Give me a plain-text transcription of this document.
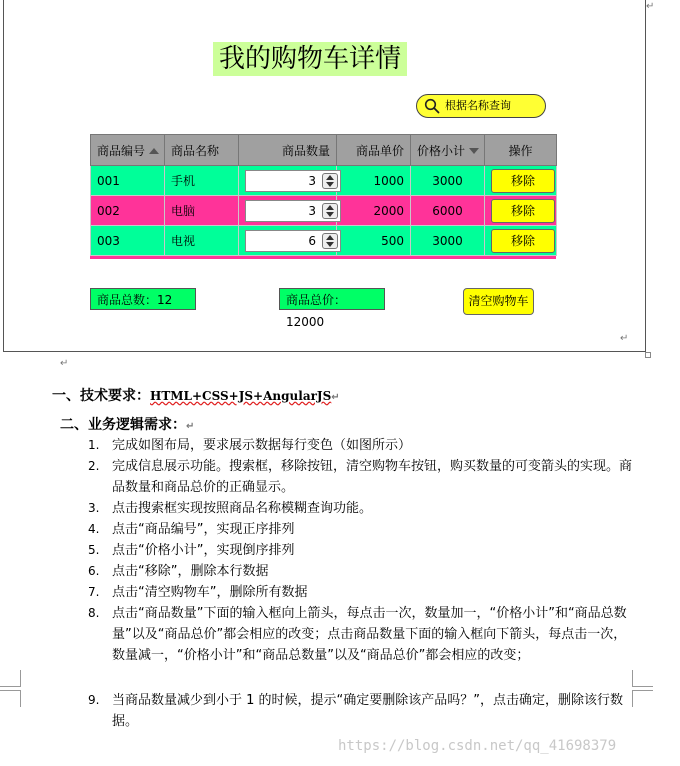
↵
↵
↵
我的购物车详情
根据名称查询
商品编号	商品名称	商品数量	商品单价	价格小计	操作
001	手机	3	1000	3000	移除

002	电脑	3	2000	6000	移除

003	电视	6	500	3000	移除
商品总数：12	商品总价：12000
清空购物车
一、技术要求：HTML+CSS+JS+AngularJS↵
二、业务逻辑需求：↵
1. 完成如图布局，要求展示数据每行变色（如图所示）
2. 完成信息展示功能。搜索框，移除按钮，清空购物车按钮，购买数量的可变箭头的实现。商品数量和商品总价的正确显示。
3. 点击搜索框实现按照商品名称模糊查询功能。
4. 点击“商品编号”，实现正序排列
5. 点击“价格小计”，实现倒序排列
6. 点击“移除”，删除本行数据
7. 点击“清空购物车”，删除所有数据
8. 点击“商品数量”下面的输入框向上箭头，每点击一次，数量加一，“价格小计”和“商品总数量”以及“商品总价”都会相应的改变；点击商品数量下面的输入框向下箭头，每点击一次，数量减一，“价格小计”和“商品总数量”以及“商品总价”都会相应的改变；
9. 当商品数量减少到小于 1 的时候，提示“确定要删除该产品吗？”，点击确定，删除该行数据。
https://blog.csdn.net/qq_41698379
